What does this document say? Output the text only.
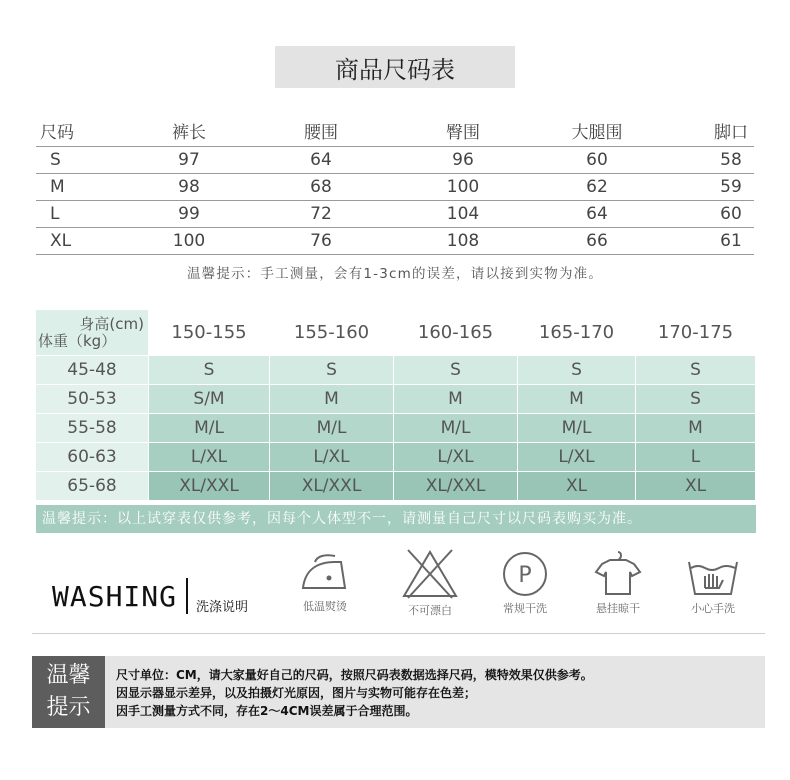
商品尺码表
尺码	裤长	腰围	臀围	大腿围	脚口
S	97	64	96	60	58
M	98	68	100	62	59
L	99	72	104	64	60
XL	100	76	108	66	61
温馨提示：手工测量，会有1-3cm的误差，请以接到实物为准。
身高(cm)
体重（kg）	150-155	155-160	160-165	165-170	170-175
45-48	S	S	S	S	S
50-53	S/M	M	M	M	S
55-58	M/L	M/L	M/L	M/L	M
60-63	L/XL	L/XL	L/XL	L/XL	L
65-68	XL/XXL	XL/XXL	XL/XXL	XL	XL
温馨提示：以上试穿表仅供参考，因每个人体型不一，请测量自己尺寸以尺码表购买为准。
WASHING 洗涤说明	低温熨烫	不可漂白
P
常规干洗	悬挂晾干	小心手洗
温馨
提示
尺寸单位：CM，请大家量好自己的尺码，按照尺码表数据选择尺码，模特效果仅供参考。
因显示器显示差异，以及拍摄灯光原因，图片与实物可能存在色差；
因手工测量方式不同，存在2～4CM误差属于合理范围。
